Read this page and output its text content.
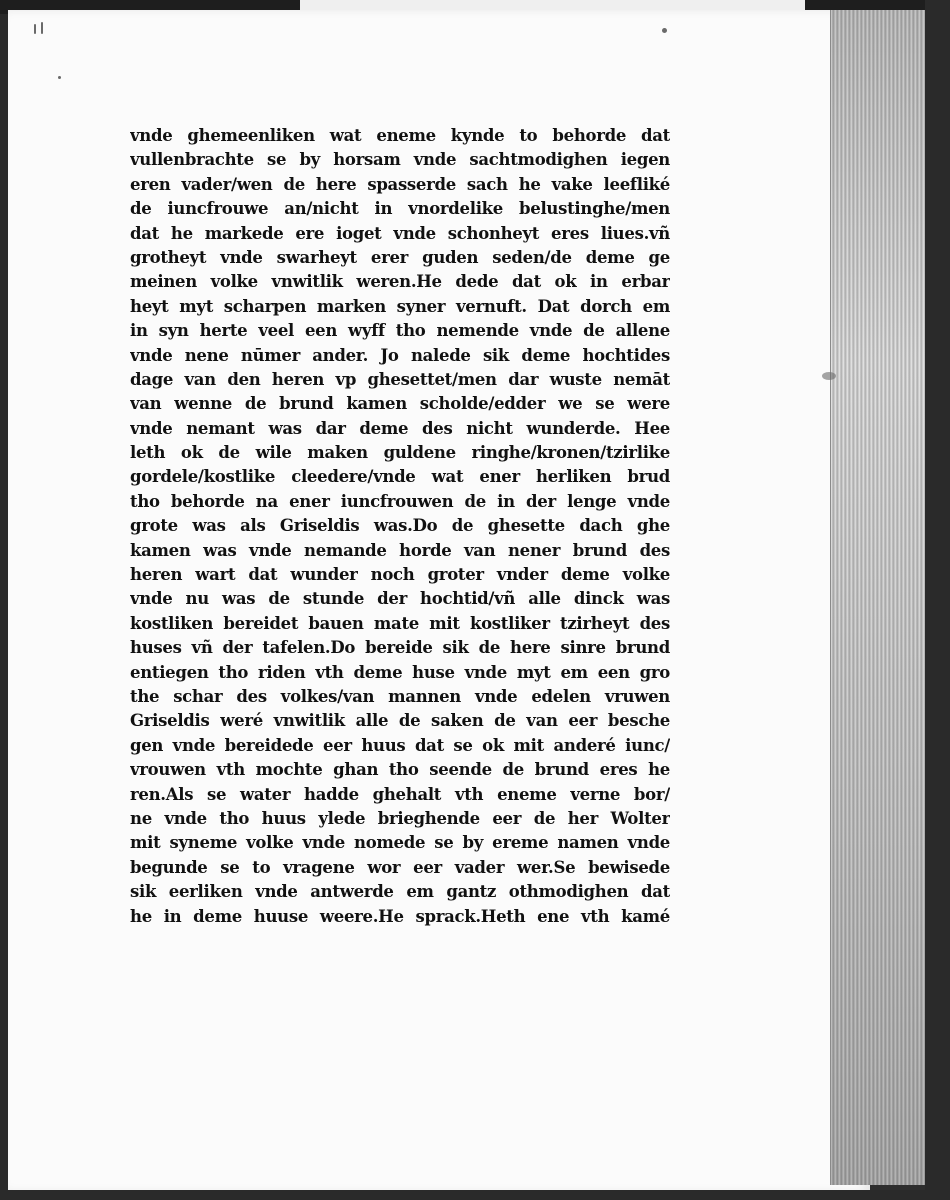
vnde ghemeenliken wat eneme kynde to behorde dat
vullenbrachte se by horsam vnde sachtmodighen iegen
eren vader/wen de here spasserde sach he vake leefliké
de iuncfrouwe an/nicht in vnordelike belustinghe/men
dat he markede ere ioget vnde schonheyt eres liues.vñ
grotheyt vnde swarheyt erer guden seden/de deme ge
meinen volke vnwitlik weren.He dede dat ok in erbar
heyt myt scharpen marken syner vernuft. Dat dorch em
in syn herte veel een wyff tho nemende vnde de allene
vnde nene nūmer ander. Jo nalede sik deme hochtides
dage van den heren vp ghesettet/men dar wuste nemāt
van wenne de brund kamen scholde/edder we se were
vnde nemant was dar deme des nicht wunderde. Hee
leth ok de wile maken guldene ringhe/kronen/tzirlike
gordele/kostlike cleedere/vnde wat ener herliken brud
tho behorde na ener iuncfrouwen de in der lenge vnde
grote was als Griseldis was.Do de ghesette dach ghe
kamen was vnde nemande horde van nener brund des
heren wart dat wunder noch groter vnder deme volke
vnde nu was de stunde der hochtid/vñ alle dinck was
kostliken bereidet bauen mate mit kostliker tzirheyt des
huses vñ der tafelen.Do bereide sik de here sinre brund
entiegen tho riden vth deme huse vnde myt em een gro
the schar des volkes/van mannen vnde edelen vruwen
Griseldis weré vnwitlik alle de saken de van eer besche
gen vnde bereidede eer huus dat se ok mit anderé iunc/
vrouwen vth mochte ghan tho seende de brund eres he
ren.Als se water hadde ghehalt vth eneme verne bor/
ne vnde tho huus ylede brieghende eer de her Wolter
mit syneme volke vnde nomede se by ereme namen vnde
begunde se to vragene wor eer vader wer.Se bewisede
sik eerliken vnde antwerde em gantz othmodighen dat
he in deme huuse weere.He sprack.Heth ene vth kamé
